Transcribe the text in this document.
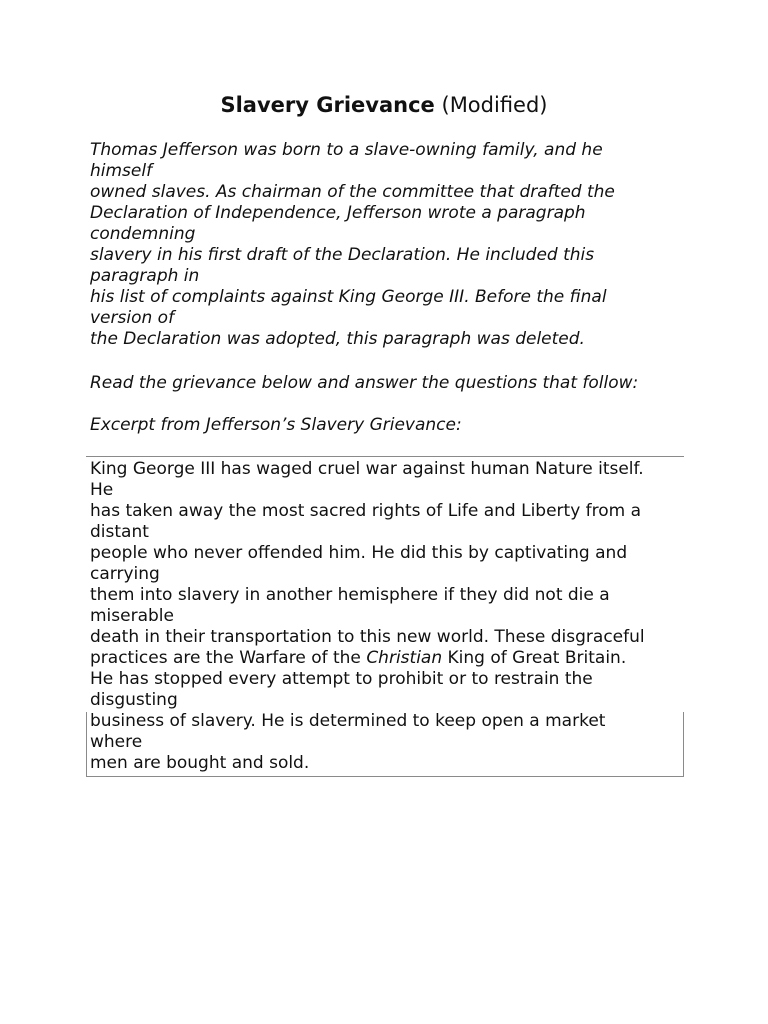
Slavery Grievance (Modified)
Thomas Jefferson was born to a slave-owning family, and he
himself
owned slaves. As chairman of the committee that drafted the
Declaration of Independence, Jefferson wrote a paragraph
condemning
slavery in his first draft of the Declaration. He included this
paragraph in
his list of complaints against King George III. Before the final
version of
the Declaration was adopted, this paragraph was deleted.
Read the grievance below and answer the questions that follow:
Excerpt from Jefferson’s Slavery Grievance:
King George III has waged cruel war against human Nature itself.
He
has taken away the most sacred rights of Life and Liberty from a
distant
people who never offended him. He did this by captivating and
carrying
them into slavery in another hemisphere if they did not die a
miserable
death in their transportation to this new world. These disgraceful
practices are the Warfare of the Christian King of Great Britain.
He has stopped every attempt to prohibit or to restrain the
disgusting
business of slavery. He is determined to keep open a market
where
men are bought and sold.
